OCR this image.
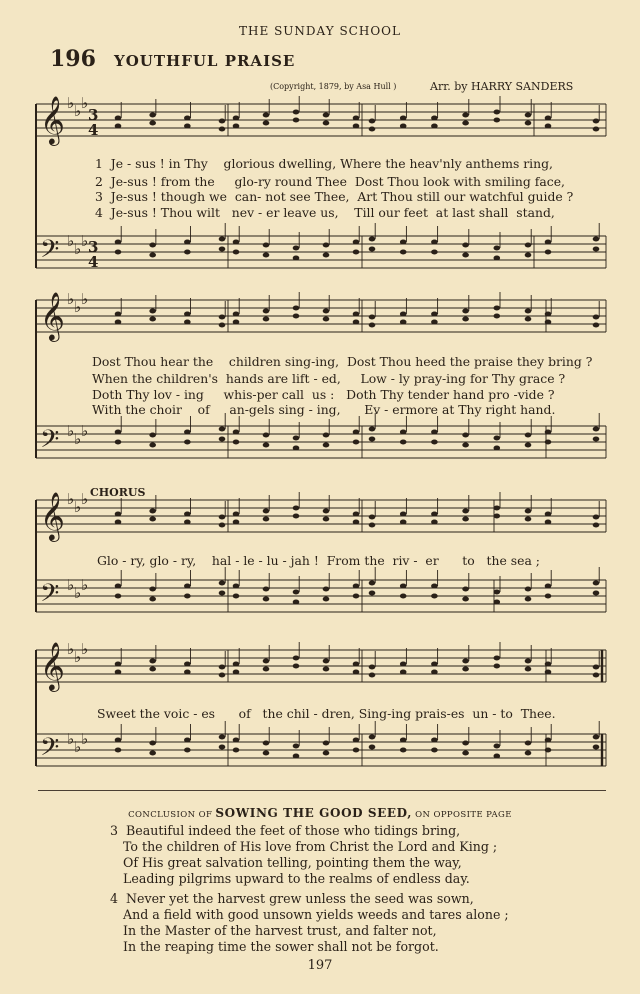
THE SUNDAY SCHOOL
196 YOUTHFUL PRAISE
(Copyright, 1879, by Asa Hull )	Arr. by HARRY SANDERS
𝄞 ♭ ♭ ♭
𝄢 ♭ ♭ ♭
3
4
3
4
𝄞 ♭ ♭ ♭
𝄢 ♭ ♭ ♭
𝄞 ♭ ♭ ♭
𝄢 ♭ ♭ ♭
𝄞 ♭ ♭ ♭
𝄢 ♭ ♭ ♭
1  Je - sus ! in Thy    glorious dwelling, Where the heav'nly anthems ring,
2  Je-sus ! from the     glo-ry round Thee  Dost Thou look with smiling face,
3  Je-sus ! though we  can- not see Thee,  Art Thou still our watchful guide ?
4  Je-sus ! Thou wilt   nev - er leave us,    Till our feet  at last shall  stand,
Dost Thou hear the    children sing-ing,  Dost Thou heed the praise they bring ?
When the children's  hands are lift - ed,     Low - ly pray-ing for Thy grace ?
Doth Thy lov - ing     whis-per call  us :   Doth Thy tender hand pro -vide ?
With the choir    of     an-gels sing - ing,      Ev - ermore at Thy right hand.
CHORUS
Glo - ry, glo - ry,    hal - le - lu - jah !  From the  riv -  er      to   the sea ;
Sweet the voic - es      of   the chil - dren, Sing-ing prais-es  un - to  Thee.
CONCLUSION OF SOWING THE GOOD SEED, ON OPPOSITE PAGE
3  Beautiful indeed the feet of those who tidings bring,
To the children of His love from Christ the Lord and King ;
Of His great salvation telling, pointing them the way,
Leading pilgrims upward to the realms of endless day.
4  Never yet the harvest grew unless the seed was sown,
And a field with good unsown yields weeds and tares alone ;
In the Master of the harvest trust, and falter not,
In the reaping time the sower shall not be forgot.
197
